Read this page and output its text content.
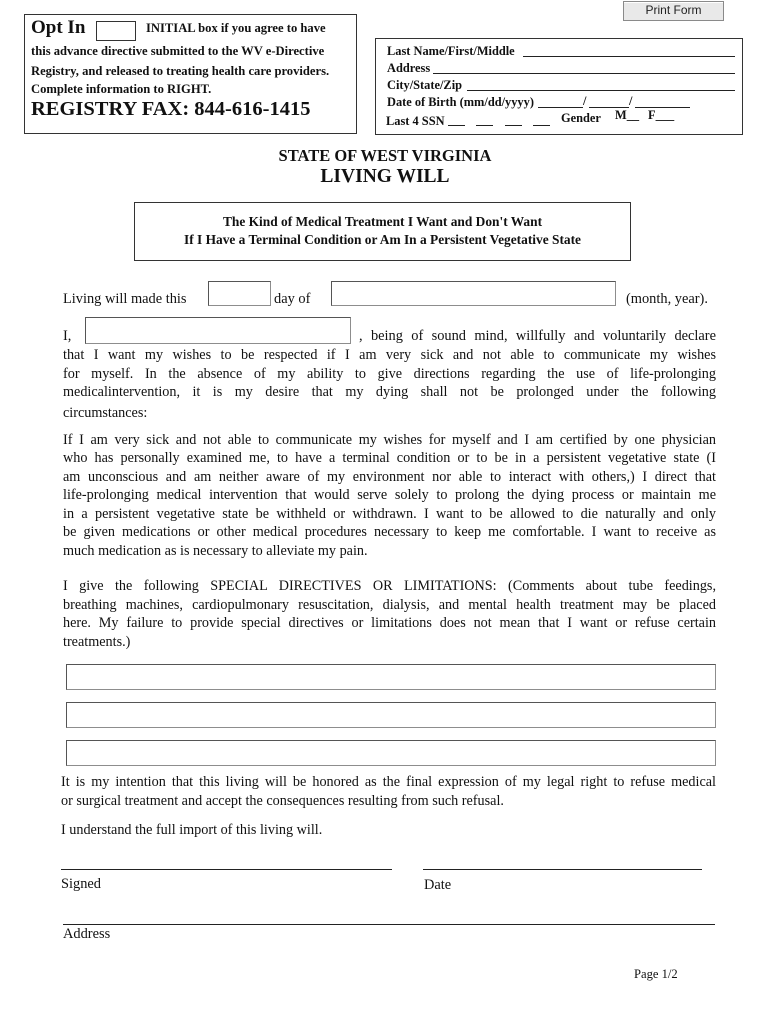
Print Form
Opt In	INITIAL box if you agree to have
this advance directive submitted to the WV e-Directive
Registry, and released to treating health care providers.
Complete information to RIGHT.
REGISTRY FAX: 844-616-1415
Last Name/First/Middle
Address
City/State/Zip
Date of Birth (mm/dd/yyyy)	/	/
Last 4 SSN	Gender M__ F___
STATE OF WEST VIRGINIA
LIVING WILL
The Kind of Medical Treatment I Want and Don't Want
If I Have a Terminal Condition or Am In a Persistent Vegetative State
Living will made this	day of	(month, year).
I,	, being of sound mind, willfully and voluntarily declare
that I want my wishes to be respected if I am very sick and not able to communicate my wishes
for myself. In the absence of my ability to give directions regarding the use of life-prolonging
medicalintervention, it is my desire that my dying shall not be prolonged under the following
circumstances:
If I am very sick and not able to communicate my wishes for myself and I am certified by one physician
who has personally examined me, to have a terminal condition or to be in a persistent vegetative state (I
am unconscious and am neither aware of my environment nor able to interact with others,) I direct that
life-prolonging medical intervention that would serve solely to prolong the dying process or maintain me
in a persistent vegetative state be withheld or withdrawn. I want to be allowed to die naturally and only
be given medications or other medical procedures necessary to keep me comfortable. I want to receive as
much medication as is necessary to alleviate my pain.
I give the following SPECIAL DIRECTIVES OR LIMITATIONS: (Comments about tube feedings,
breathing machines, cardiopulmonary resuscitation, dialysis, and mental health treatment may be placed
here. My failure to provide special directives or limitations does not mean that I want or refuse certain
treatments.)
It is my intention that this living will be honored as the final expression of my legal right to refuse medical
or surgical treatment and accept the consequences resulting from such refusal.
I understand the full import of this living will.
Signed	Date
Address
Page 1/2
